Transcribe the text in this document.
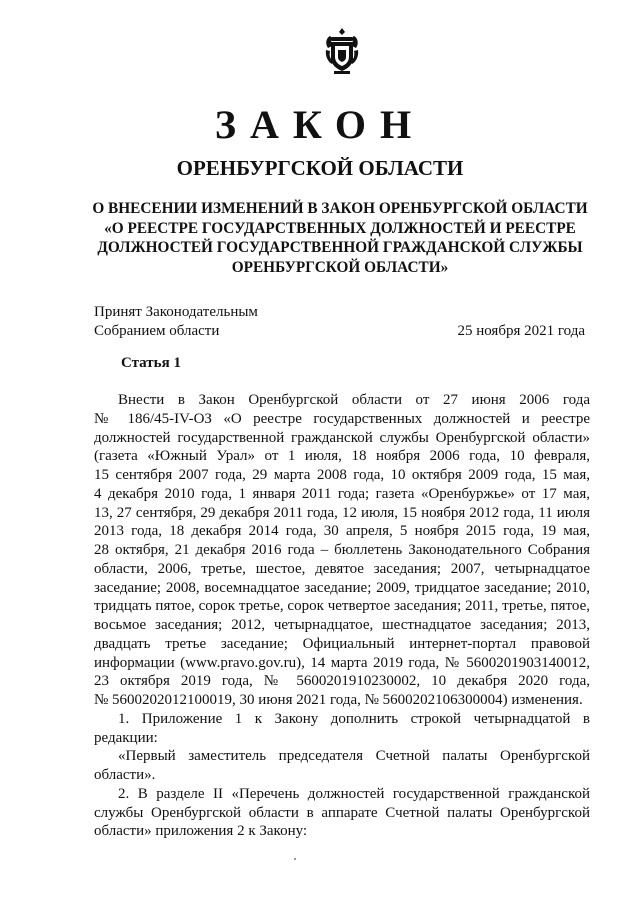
ЗАКОН
ОРЕНБУРГСКОЙ ОБЛАСТИ
О ВНЕСЕНИИ ИЗМЕНЕНИЙ В ЗАКОН ОРЕНБУРГСКОЙ ОБЛАСТИ
«О РЕЕСТРЕ ГОСУДАРСТВЕННЫХ ДОЛЖНОСТЕЙ И РЕЕСТРЕ
ДОЛЖНОСТЕЙ ГОСУДАРСТВЕННОЙ ГРАЖДАНСКОЙ СЛУЖБЫ
ОРЕНБУРГСКОЙ ОБЛАСТИ»
Принят Законодательным
Собранием области	25 ноября 2021 года
Статья 1

Внести в Закон Оренбургской области от 27 июня 2006 года

№ 186/45-IV-ОЗ «О реестре государственных должностей и реестре

должностей государственной гражданской службы Оренбургской области»

(газета «Южный Урал» от 1 июля, 18 ноября 2006 года, 10 февраля,

15 сентября 2007 года, 29 марта 2008 года, 10 октября 2009 года, 15 мая,

4 декабря 2010 года, 1 января 2011 года; газета «Оренбуржье» от 17 мая,

13, 27 сентября, 29 декабря 2011 года, 12 июля, 15 ноября 2012 года, 11 июля

2013 года, 18 декабря 2014 года, 30 апреля, 5 ноября 2015 года, 19 мая,

28 октября, 21 декабря 2016 года – бюллетень Законодательного Собрания

области, 2006, третье, шестое, девятое заседания; 2007, четырнадцатое

заседание; 2008, восемнадцатое заседание; 2009, тридцатое заседание; 2010,

тридцать пятое, сорок третье, сорок четвертое заседания; 2011, третье, пятое,

восьмое заседания; 2012, четырнадцатое, шестнадцатое заседания; 2013,

двадцать третье заседание; Официальный интернет-портал правовой

информации (www.pravo.gov.ru), 14 марта 2019 года, № 5600201903140012,

23 октября 2019 года, № 5600201910230002, 10 декабря 2020 года,

№ 5600202012100019, 30 июня 2021 года, № 5600202106300004) изменения.

1. Приложение 1 к Закону дополнить строкой четырнадцатой в

редакции:

«Первый заместитель председателя Счетной палаты Оренбургской

области».

2. В разделе II «Перечень должностей государственной гражданской

службы Оренбургской области в аппарате Счетной палаты Оренбургской

области» приложения 2 к Закону:
